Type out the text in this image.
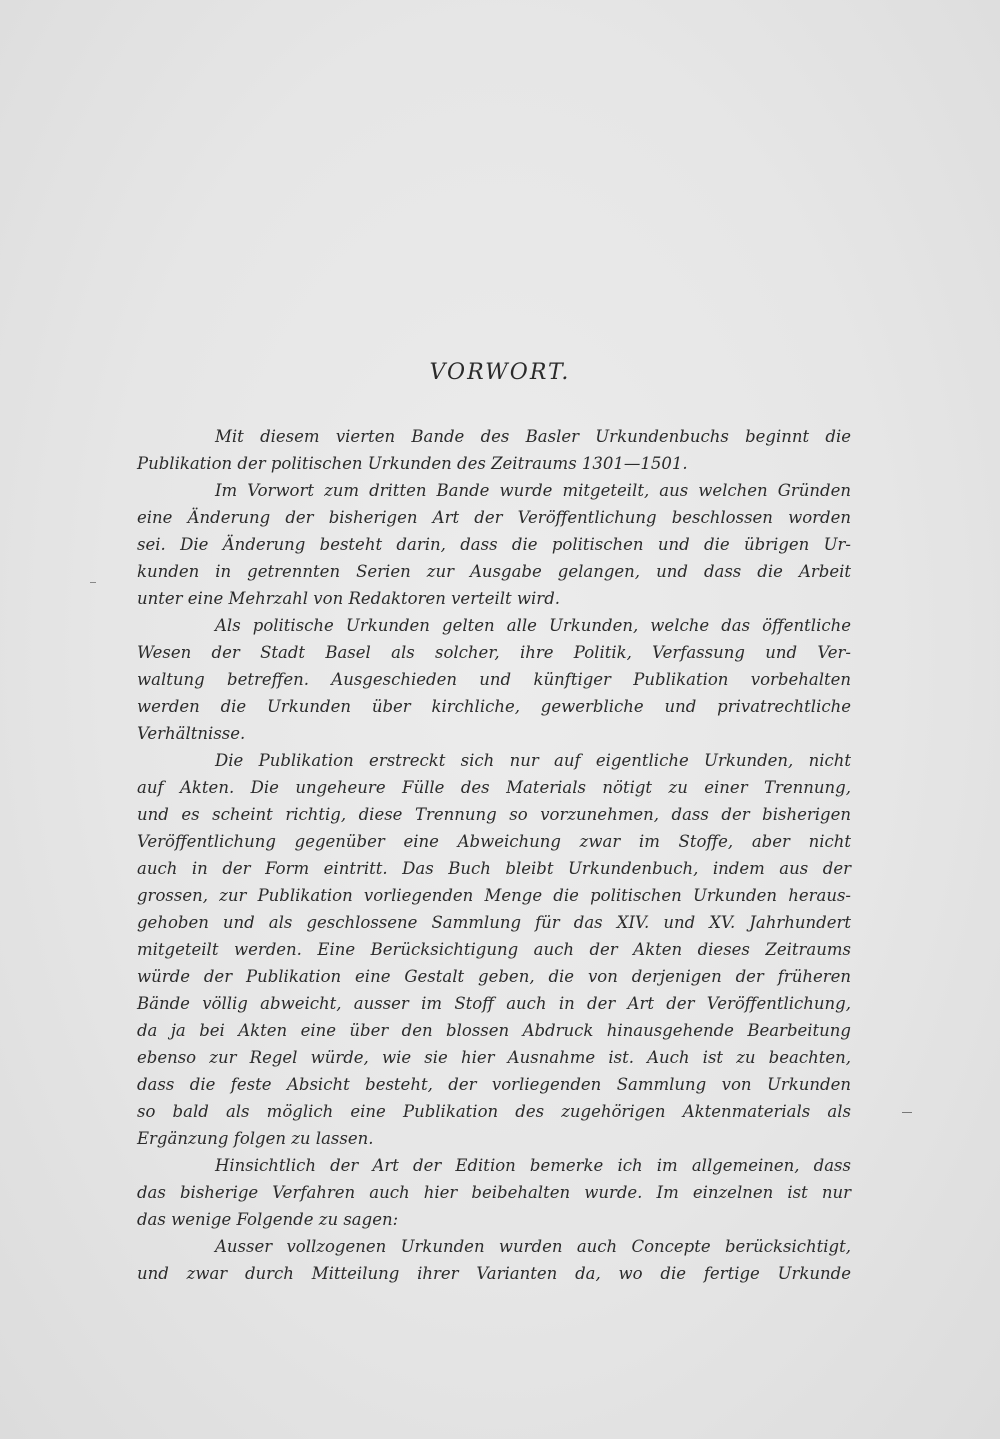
VORWORT.
Mit diesem vierten Bande des Basler Urkundenbuchs beginnt die
Publikation der politischen Urkunden des Zeitraums 1301—1501.
Im Vorwort zum dritten Bande wurde mitgeteilt, aus welchen Gründen
eine Änderung der bisherigen Art der Veröffentlichung beschlossen worden
sei. Die Änderung besteht darin, dass die politischen und die übrigen Ur-
kunden in getrennten Serien zur Ausgabe gelangen, und dass die Arbeit
unter eine Mehrzahl von Redaktoren verteilt wird.
Als politische Urkunden gelten alle Urkunden, welche das öffentliche
Wesen der Stadt Basel als solcher, ihre Politik, Verfassung und Ver-
waltung betreffen. Ausgeschieden und künftiger Publikation vorbehalten
werden die Urkunden über kirchliche, gewerbliche und privatrechtliche
Verhältnisse.
Die Publikation erstreckt sich nur auf eigentliche Urkunden, nicht
auf Akten. Die ungeheure Fülle des Materials nötigt zu einer Trennung,
und es scheint richtig, diese Trennung so vorzunehmen, dass der bisherigen
Veröffentlichung gegenüber eine Abweichung zwar im Stoffe, aber nicht
auch in der Form eintritt. Das Buch bleibt Urkundenbuch, indem aus der
grossen, zur Publikation vorliegenden Menge die politischen Urkunden heraus-
gehoben und als geschlossene Sammlung für das XIV. und XV. Jahrhundert
mitgeteilt werden. Eine Berücksichtigung auch der Akten dieses Zeitraums
würde der Publikation eine Gestalt geben, die von derjenigen der früheren
Bände völlig abweicht, ausser im Stoff auch in der Art der Veröffentlichung,
da ja bei Akten eine über den blossen Abdruck hinausgehende Bearbeitung
ebenso zur Regel würde, wie sie hier Ausnahme ist. Auch ist zu beachten,
dass die feste Absicht besteht, der vorliegenden Sammlung von Urkunden
so bald als möglich eine Publikation des zugehörigen Aktenmaterials als
Ergänzung folgen zu lassen.
Hinsichtlich der Art der Edition bemerke ich im allgemeinen, dass
das bisherige Verfahren auch hier beibehalten wurde. Im einzelnen ist nur
das wenige Folgende zu sagen:
Ausser vollzogenen Urkunden wurden auch Concepte berücksichtigt,
und zwar durch Mitteilung ihrer Varianten da, wo die fertige Urkunde
